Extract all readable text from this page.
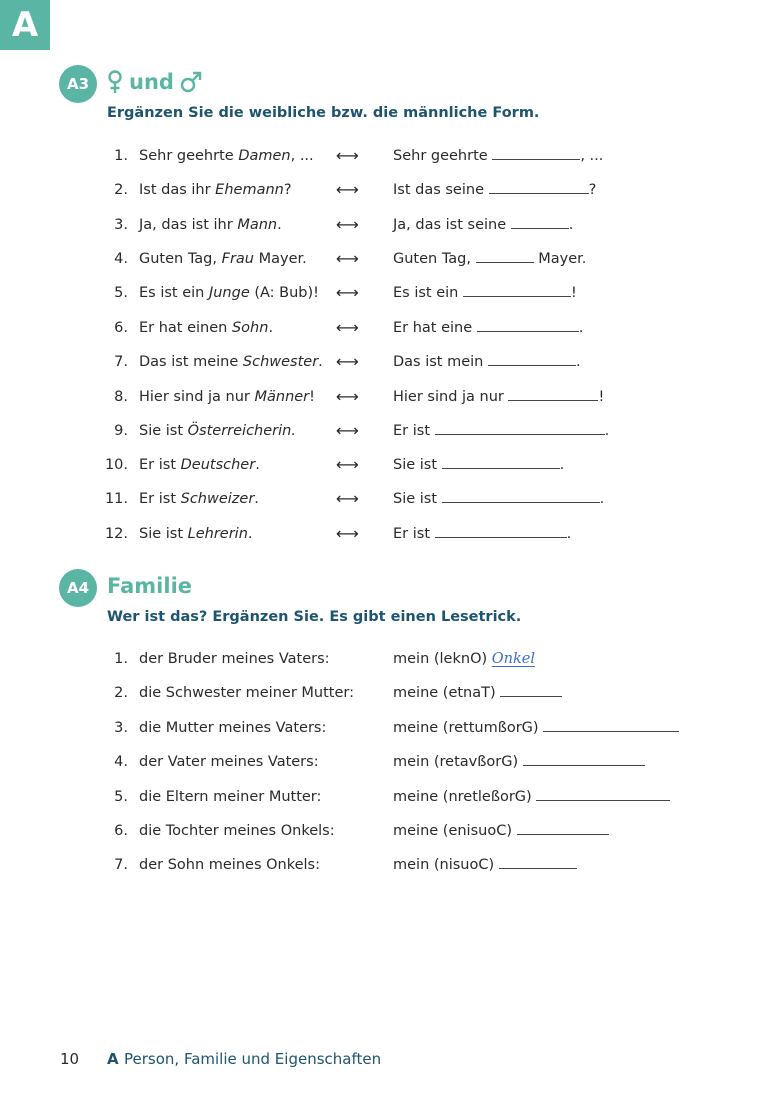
A
A3	und
Ergänzen Sie die weibliche bzw. die männliche Form.
1. Sehr geehrte Damen, ... ⟷ Sehr geehrte	, ...
2. Ist das ihr Ehemann?	⟷ Ist das seine	?
3. Ja, das ist ihr Mann.	⟷ Ja, das ist seine	.
4. Guten Tag, Frau Mayer. ⟷ Guten Tag,	Mayer.
5. Es ist ein Junge (A: Bub)! ⟷ Es ist ein	!
6. Er hat einen Sohn.	⟷ Er hat eine	.
7. Das ist meine Schwester. ⟷ Das ist mein	.
8. Hier sind ja nur Männer! ⟷ Hier sind ja nur	!
9. Sie ist Österreicherin.	⟷ Er ist	.
10. Er ist Deutscher.	⟷ Sie ist	.
11. Er ist Schweizer.	⟷ Sie ist	.
12. Sie ist Lehrerin.	⟷ Er ist	.
A4 Familie
Wer ist das? Ergänzen Sie. Es gibt einen Lesetrick.
1. der Bruder meines Vaters:	mein (leknO) Onkel
2. die Schwester meiner Mutter:	meine (etnaT)
3. die Mutter meines Vaters:	meine (rettumßorG)
4. der Vater meines Vaters:	mein (retavßorG)
5. die Eltern meiner Mutter:	meine (nretleßorG)
6. die Tochter meines Onkels:	meine (enisuoC)
7. der Sohn meines Onkels:	mein (nisuoC)
10 A Person, Familie und Eigenschaften
